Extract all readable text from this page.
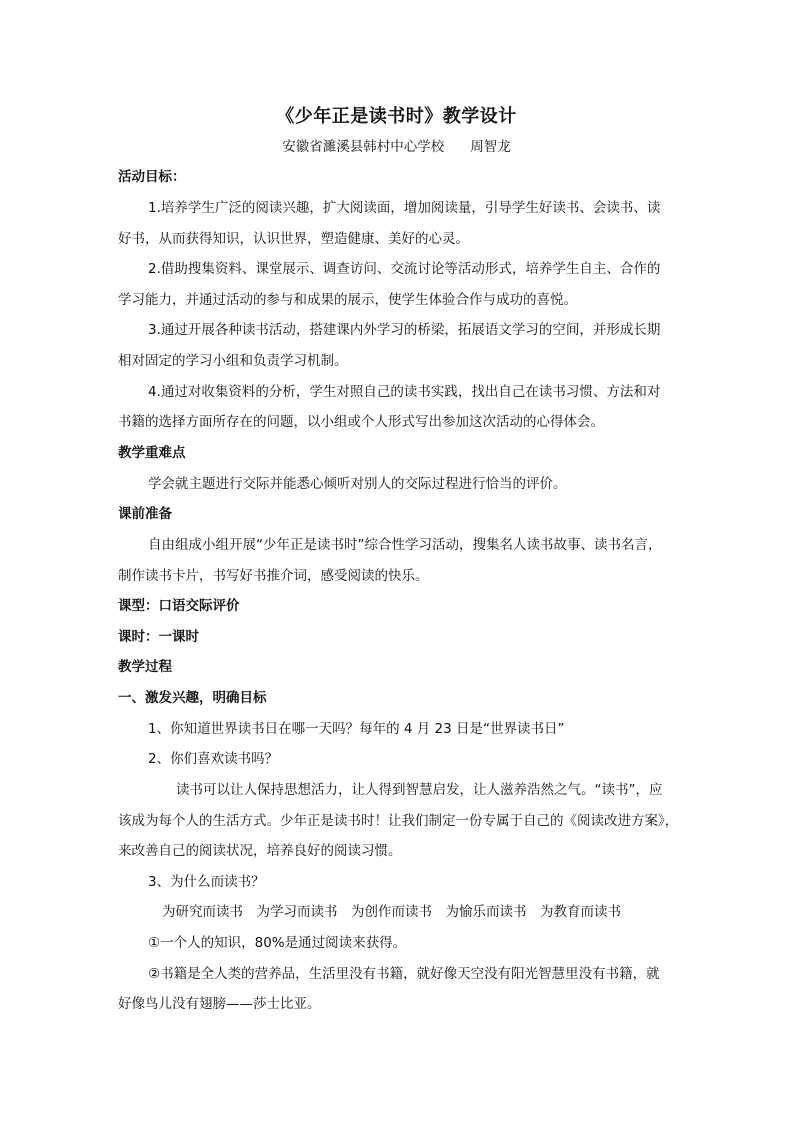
《少年正是读书时》教学设计
安徽省濉溪县韩村中心学校 周智龙
活动目标：
1.培养学生广泛的阅读兴趣，扩大阅读面，增加阅读量，引导学生好读书、会读书、读
好书，从而获得知识，认识世界，塑造健康、美好的心灵。
2.借助搜集资料、课堂展示、调查访问、交流讨论等活动形式，培养学生自主、合作的
学习能力，并通过活动的参与和成果的展示，使学生体验合作与成功的喜悦。
3.通过开展各种读书活动，搭建课内外学习的桥梁，拓展语文学习的空间，并形成长期
相对固定的学习小组和负责学习机制。
4.通过对收集资料的分析，学生对照自己的读书实践，找出自己在读书习惯、方法和对
书籍的选择方面所存在的问题，以小组或个人形式写出参加这次活动的心得体会。
教学重难点
学会就主题进行交际并能悉心倾听对别人的交际过程进行恰当的评价。
课前准备
自由组成小组开展“少年正是读书时”综合性学习活动，搜集名人读书故事、读书名言，
制作读书卡片，书写好书推介词，感受阅读的快乐。
课型：口语交际评价
课时：一课时
教学过程
一、激发兴趣，明确目标
1、你知道世界读书日在哪一天吗？每年的 4 月 23 日是“世界读书日”
2、你们喜欢读书吗？
读书可以让人保持思想活力，让人得到智慧启发，让人滋养浩然之气。“读书”，应
该成为每个人的生活方式。少年正是读书时！让我们制定一份专属于自己的《阅读改进方案》，
来改善自己的阅读状况，培养良好的阅读习惯。
3、为什么而读书？
为研究而读书　为学习而读书　为创作而读书　为愉乐而读书　为教育而读书
①一个人的知识，80%是通过阅读来获得。
②书籍是全人类的营养品，生活里没有书籍，就好像天空没有阳光智慧里没有书籍，就
好像鸟儿没有翅膀——莎士比亚。
